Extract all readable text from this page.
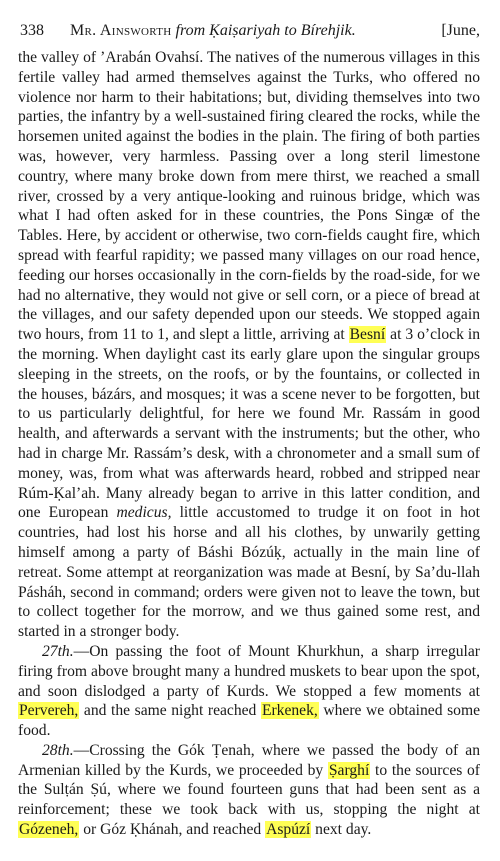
338 Mr. Ainsworth from Ḳaiṣariyah to Bírehjik.	[June,

the valley of ’Arabán Ovahsí. The natives of the numerous villages in this fertile valley had armed themselves against the Turks, who offered no violence nor harm to their habitations; but, dividing themselves into two parties, the infantry by a well-sustained firing cleared the rocks, while the horsemen united against the bodies in the plain. The firing of both parties was, however, very harmless. Passing over a long steril limestone country, where many broke down from mere thirst, we reached a small river, crossed by a very antique-looking and ruinous bridge, which was what I had often asked for in these countries, the Pons Singæ of the Tables. Here, by accident or otherwise, two corn-fields caught fire, which spread with fearful rapidity; we passed many villages on our road hence, feeding our horses occasionally in the corn-fields by the road-side, for we had no alternative, they would not give or sell corn, or a piece of bread at the villages, and our safety depended upon our steeds. We stopped again two hours, from 11 to 1, and slept a little, arriving at Besní at 3 o’clock in the morning. When daylight cast its early glare upon the singular groups sleeping in the streets, on the roofs, or by the fountains, or collected in the houses, bázárs, and mosques; it was a scene never to be forgotten, but to us particularly delightful, for here we found Mr. Rassám in good health, and afterwards a servant with the instruments; but the other, who had in charge Mr. Rassám’s desk, with a chronometer and a small sum of money, was, from what was afterwards heard, robbed and stripped near Rúm-Ḳal’ah. Many already began to arrive in this latter condition, and one European medicus, little accustomed to trudge it on foot in hot countries, had lost his horse and all his clothes, by unwarily getting himself among a party of Báshi Bózúḳ, actually in the main line of retreat. Some attempt at reorganization was made at Besní, by Sa’du-llah Pásháh, second in command; orders were given not to leave the town, but to collect together for the morrow, and we thus gained some rest, and started in a stronger body.

27th.—On passing the foot of Mount Khurkhun, a sharp irregular firing from above brought many a hundred muskets to bear upon the spot, and soon dislodged a party of Kurds. We stopped a few moments at Pervereh, and the same night reached Erkenek, where we obtained some food.

28th.—Crossing the Gók Ṭenah, where we passed the body of an Armenian killed by the Kurds, we proceeded by Ṣarghí to the sources of the Sulṭán Ṣú, where we found fourteen guns that had been sent as a reinforcement; these we took back with us, stopping the night at Gózeneh, or Góz Ḳhánah, and reached Aspúzí next day.
